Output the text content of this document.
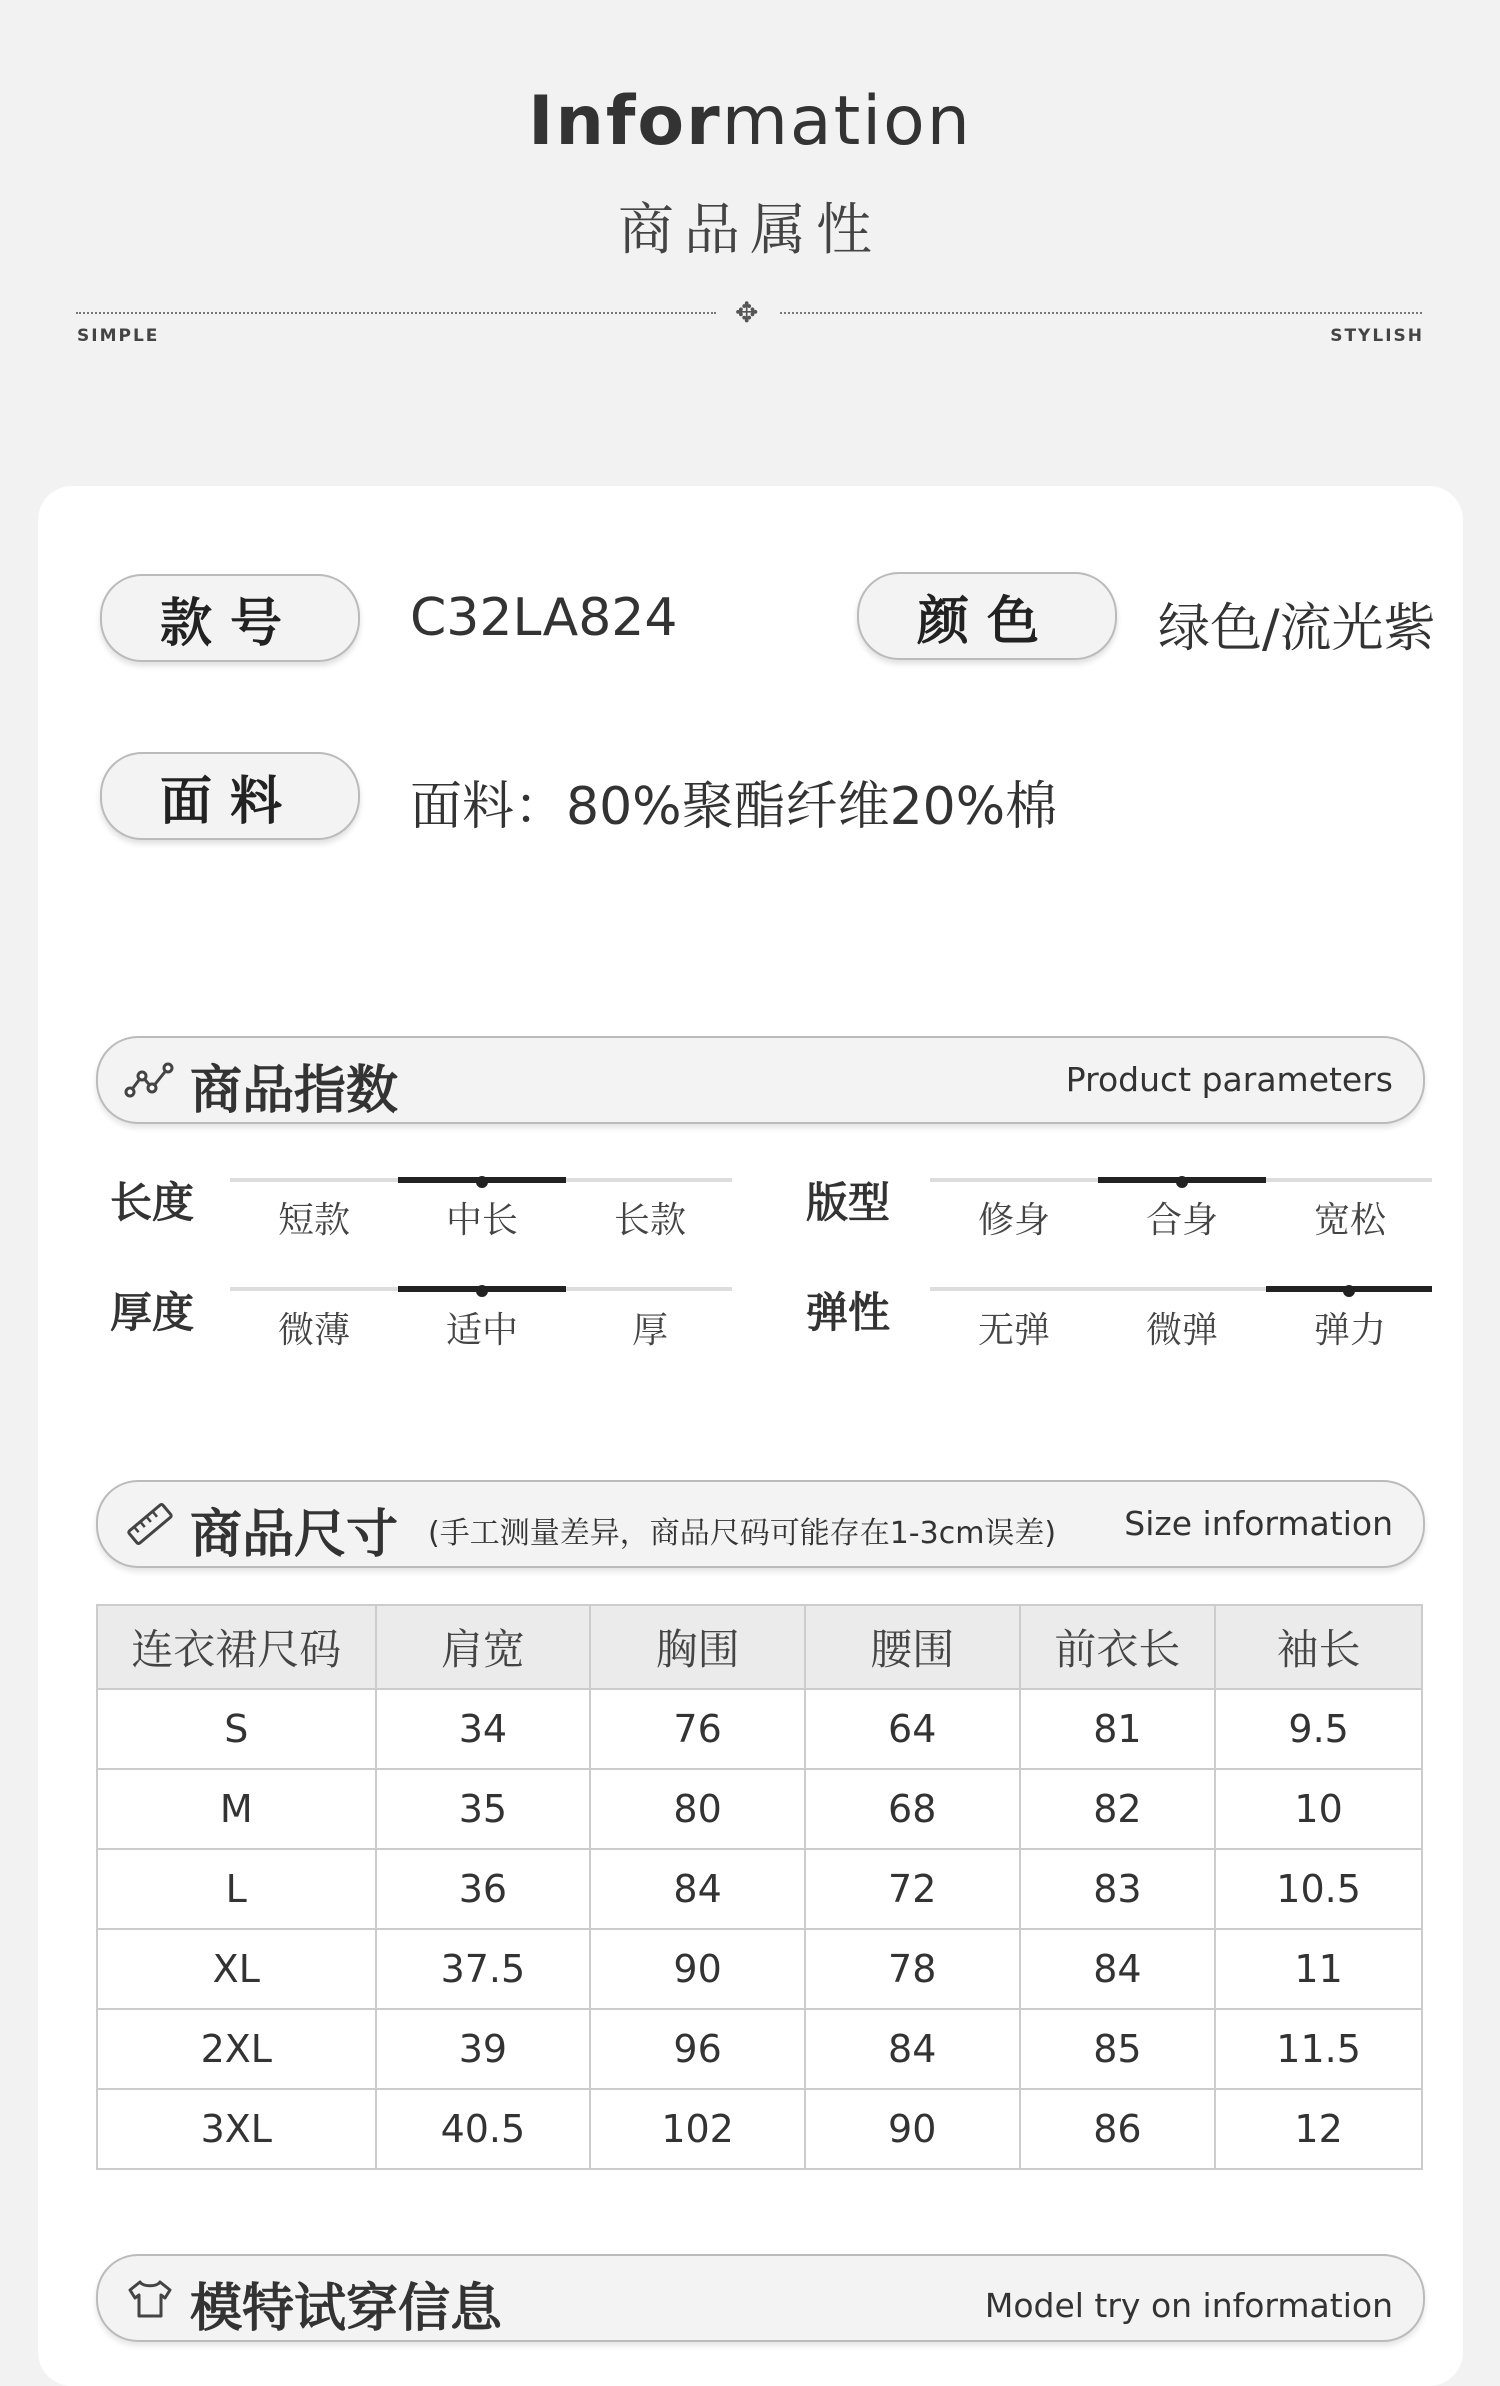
Information
商品属性
✥
SIMPLE	STYLISH
款号	C32LA824	颜色	绿色/流光紫
面料	面料：80%聚酯纤维20%棉
商品指数	Product parameters
长度	短款	中长	长款	版型	修身	合身	宽松
厚度	微薄	适中	厚	弹性	无弹	微弹	弹力
商品尺寸 (手工测量差异，商品尺码可能存在1-3cm误差) Size information
连衣裙尺码	肩宽	胸围	腰围	前衣长	袖长
S	34	76	64	81	9.5
M	35	80	68	82	10
L	36	84	72	83	10.5
XL	37.5	90	78	84	11
2XL	39	96	84	85	11.5
3XL	40.5	102	90	86	12
模特试穿信息	Model try on information
